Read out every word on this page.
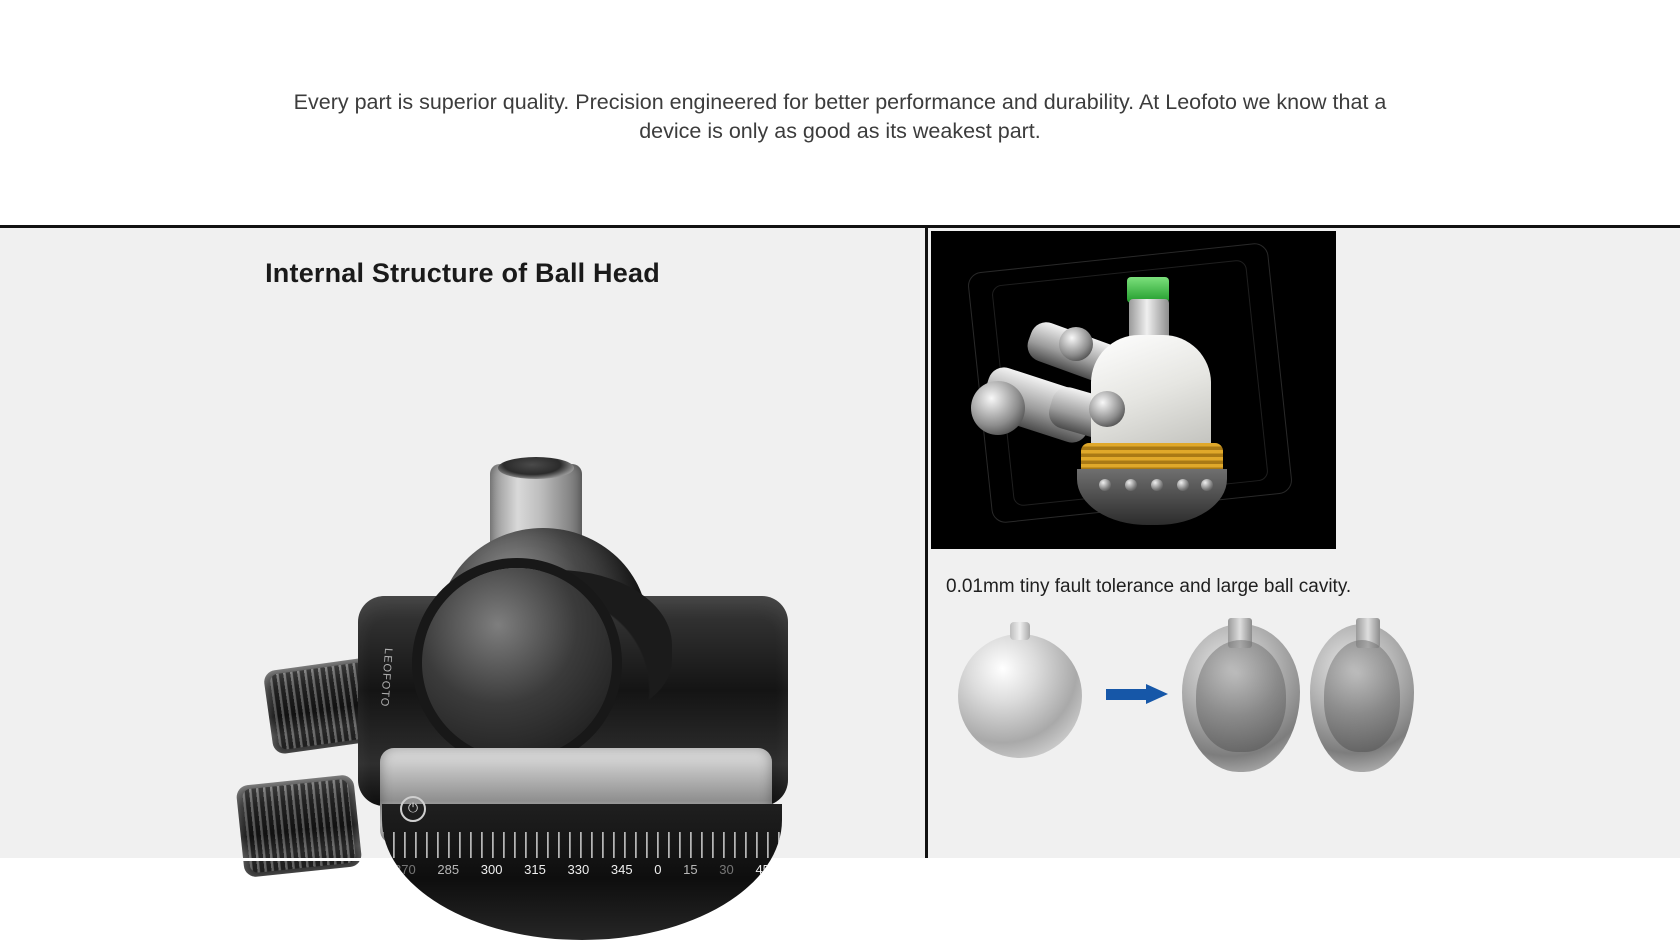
Every part is superior quality. Precision engineered for better performance and durability. At Leofoto we know that a device is only as good as its weakest part.
Internal Structure of Ball Head
LEOFOTO
270 285 300 315 330 345 0 15 30 45
⏻
0.01mm tiny fault tolerance and large ball cavity.
